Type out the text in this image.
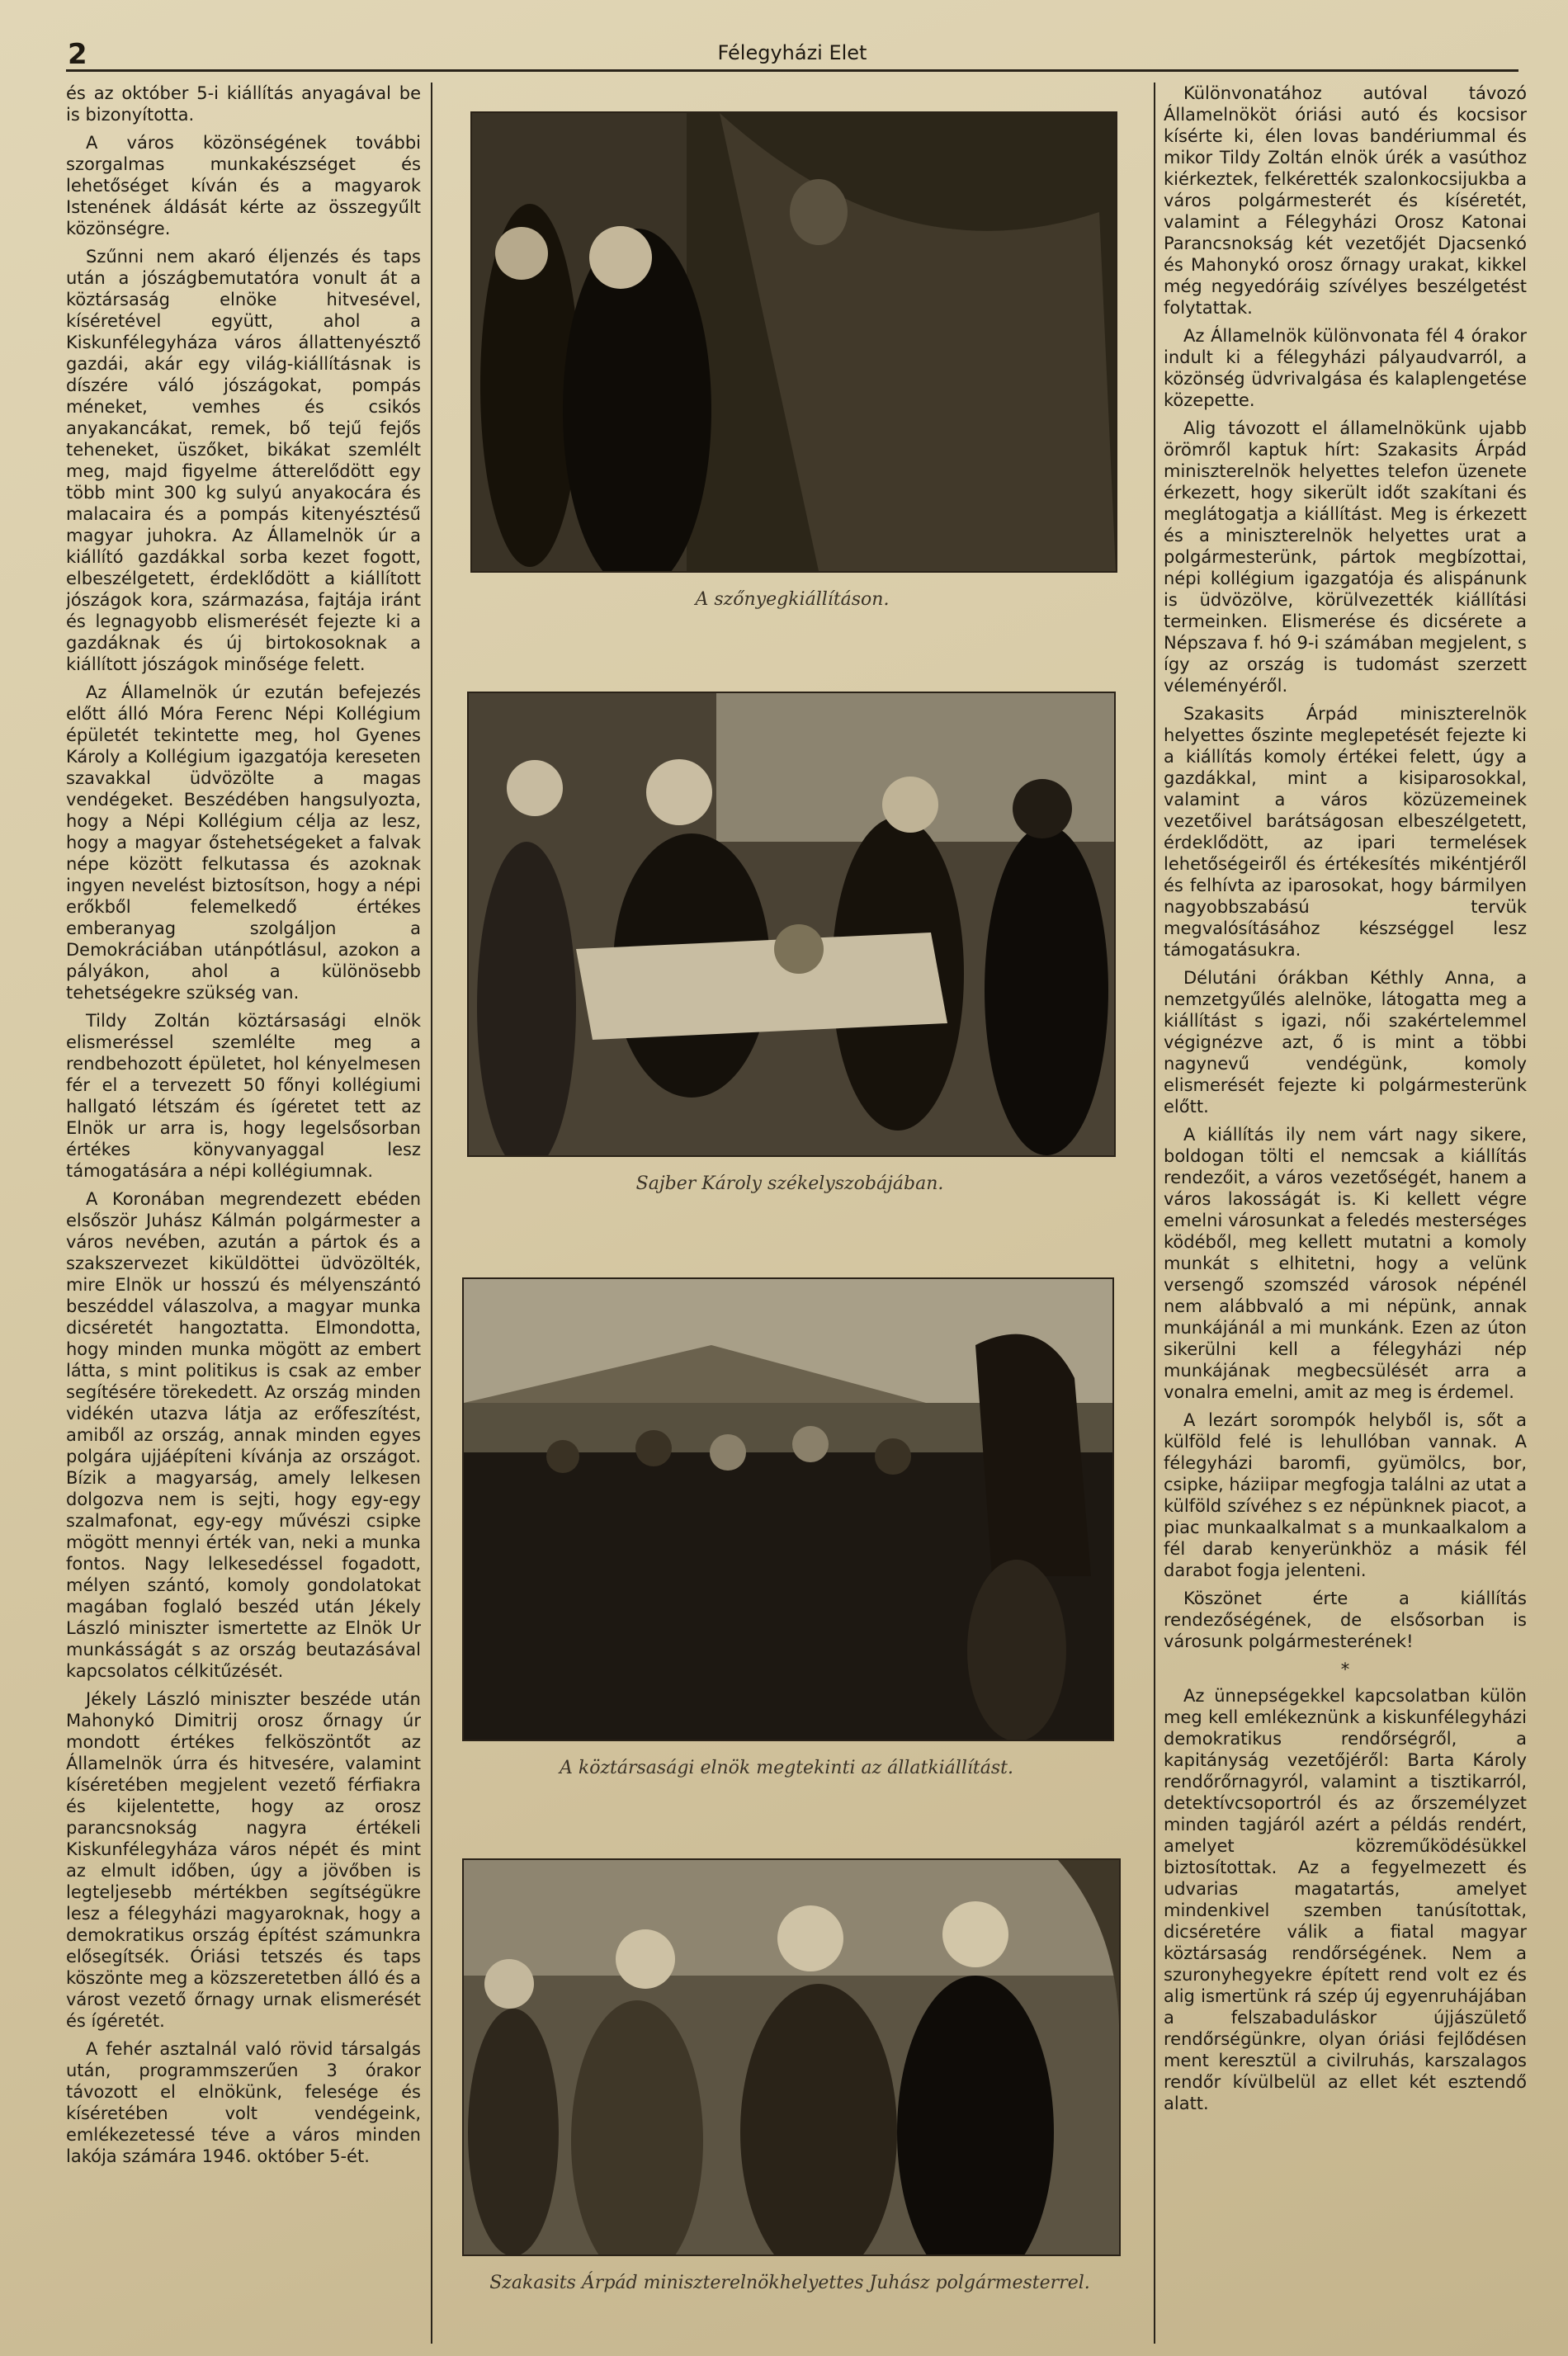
2	Félegyházi Elet

és az október 5-i kiállítás anyagával be is bizonyította.

A város közönségének további szorgalmas munkakészséget és lehetőséget kíván és a magyarok Istenének áldását kérte az összegyűlt közönségre.

Szűnni nem akaró éljenzés és taps után a jószágbemutatóra vonult át a köztársaság elnöke hitvesével, kíséretével együtt, ahol a Kiskunfélegyháza város állattenyésztő gazdái, akár egy világ-kiállításnak is díszére váló jószágokat, pompás méneket, vemhes és csikós anyakancákat, remek, bő tejű fejős teheneket, üszőket, bikákat szemlélt meg, majd figyelme átterelődött egy több mint 300 kg sulyú anyakocára és malacaira és a pompás kitenyésztésű magyar juhokra. Az Államelnök úr a kiállító gazdákkal sorba kezet fogott, elbeszélgetett, érdeklődött a kiállított jószágok kora, származása, fajtája iránt és legnagyobb elismerését fejezte ki a gazdáknak és új birtokosoknak a kiállított jószágok minősége felett.

Az Államelnök úr ezután befejezés előtt álló Móra Ferenc Népi Kollégium épületét tekintette meg, hol Gyenes Károly a Kollégium igazgatója kereseten szavakkal üdvözölte a magas vendégeket. Beszédében hangsulyozta, hogy a Népi Kollégium célja az lesz, hogy a magyar őstehetségeket a falvak népe között felkutassa és azoknak ingyen nevelést biztosítson, hogy a népi erőkből felemelkedő értékes emberanyag szolgáljon a Demokráciában utánpótlásul, azokon a pályákon, ahol a különösebb tehetségekre szükség van.

Tildy Zoltán köztársasági elnök elismeréssel szemlélte meg a rendbehozott épületet, hol kényelmesen fér el a tervezett 50 főnyi kollégiumi hallgató létszám és ígéretet tett az Elnök ur arra is, hogy legelsősorban értékes könyvanyaggal lesz támogatására a népi kollégiumnak.

A Koronában megrendezett ebéden elsőször Juhász Kálmán polgármester a város nevében, azután a pártok és a szakszervezet kiküldöttei üdvözölték, mire Elnök ur hosszú és mélyenszántó beszéddel válaszolva, a magyar munka dicséretét hangoztatta. Elmondotta, hogy minden munka mögött az embert látta, s mint politikus is csak az ember segítésére törekedett. Az ország minden vidékén utazva látja az erőfeszítést, amiből az ország, annak minden egyes polgára ujjáépíteni kívánja az országot. Bízik a magyarság, amely lelkesen dolgozva nem is sejti, hogy egy-egy szalmafonat, egy-egy művészi csipke mögött mennyi érték van, neki a munka fontos. Nagy lelkesedéssel fogadott, mélyen szántó, komoly gondolatokat magában foglaló beszéd után Jékely László miniszter ismertette az Elnök Ur munkásságát s az ország beutazásával kapcsolatos célkitűzését.

Jékely László miniszter beszéde után Mahonykó Dimitrij orosz őrnagy úr mondott értékes felköszöntőt az Államelnök úrra és hitvesére, valamint kíséretében megjelent vezető férfiakra és kijelentette, hogy az orosz parancsnokság nagyra értékeli Kiskunfélegyháza város népét és mint az elmult időben, úgy a jövőben is legteljesebb mértékben segítségükre lesz a félegyházi magyaroknak, hogy a demokratikus ország építést számunkra elősegítsék. Óriási tetszés és taps köszönte meg a közszeretetben álló és a várost vezető őrnagy urnak elismerését és ígéretét.

A fehér asztalnál való rövid társalgás után, programmszerűen 3 órakor távozott el elnökünk, felesége és kíséretében volt vendégeink, emlékezetessé téve a város minden lakója számára 1946. október 5-ét.

A szőnyegkiállításon.
Sajber Károly székelyszobájában.
A köztársasági elnök megtekinti az állatkiállítást.
Szakasits Árpád miniszterelnökhelyettes Juhász polgármesterrel.

Különvonatához autóval távozó Államelnököt óriási autó és kocsisor kísérte ki, élen lovas bandériummal és mikor Tildy Zoltán elnök úrék a vasúthoz kiérkeztek, felkérették szalonkocsijukba a város polgármesterét és kíséretét, valamint a Félegyházi Orosz Katonai Parancsnokság két vezetőjét Djacsenkó és Mahonykó orosz őrnagy urakat, kikkel még negyedóráig szívélyes beszélgetést folytattak.

Az Államelnök különvonata fél 4 órakor indult ki a félegyházi pályaudvarról, a közönség üdvrivalgása és kalaplengetése közepette.

Alig távozott el államelnökünk ujabb örömről kaptuk hírt: Szakasits Árpád miniszterelnök helyettes telefon üzenete érkezett, hogy sikerült időt szakítani és meglátogatja a kiállítást. Meg is érkezett és a miniszterelnök helyettes urat a polgármesterünk, pártok megbízottai, népi kollégium igazgatója és alispánunk is üdvözölve, körülvezették kiállítási termeinken. Elismerése és dicsérete a Népszava f. hó 9-i számában megjelent, s így az ország is tudomást szerzett véleményéről.

Szakasits Árpád miniszterelnök helyettes őszinte meglepetését fejezte ki a kiállítás komoly értékei felett, úgy a gazdákkal, mint a kisiparosokkal, valamint a város közüzemeinek vezetőivel barátságosan elbeszélgetett, érdeklődött, az ipari termelések lehetőségeiről és értékesítés mikéntjéről és felhívta az iparosokat, hogy bármilyen nagyobbszabású tervük megvalósításához készséggel lesz támogatásukra.

Délutáni órákban Kéthly Anna, a nemzetgyűlés alelnöke, látogatta meg a kiállítást s igazi, női szakértelemmel végignézve azt, ő is mint a többi nagynevű vendégünk, komoly elismerését fejezte ki polgármesterünk előtt.

A kiállítás ily nem várt nagy sikere, boldogan tölti el nemcsak a kiállítás rendezőit, a város vezetőségét, hanem a város lakosságát is. Ki kellett végre emelni városunkat a feledés mesterséges ködéből, meg kellett mutatni a komoly munkát s elhitetni, hogy a velünk versengő szomszéd városok népénél nem alábbvaló a mi népünk, annak munkájánál a mi munkánk. Ezen az úton sikerülni kell a félegyházi nép munkájának megbecsülését arra a vonalra emelni, amit az meg is érdemel.

A lezárt sorompók helyből is, sőt a külföld felé is lehullóban vannak. A félegyházi baromfi, gyümölcs, bor, csipke, háziipar megfogja találni az utat a külföld szívéhez s ez népünknek piacot, a piac munkaalkalmat s a munkaalkalom a fél darab kenyerünkhöz a másik fél darabot fogja jelenteni.

Köszönet érte a kiállítás rendezőségének, de elsősorban is városunk polgármesterének!

*

Az ünnepségekkel kapcsolatban külön meg kell emlékeznünk a kiskunfélegyházi demokratikus rendőrségről, a kapitányság vezetőjéről: Barta Károly rendőrőrnagyról, valamint a tisztikarról, detektívcsoportról és az őrszemélyzet minden tagjáról azért a példás rendért, amelyet közreműködésükkel biztosítottak. Az a fegyelmezett és udvarias magatartás, amelyet mindenkivel szemben tanúsítottak, dicséretére válik a fiatal magyar köztársaság rendőrségének. Nem a szuronyhegyekre épített rend volt ez és alig ismertünk rá szép új egyenruhájában a felszabaduláskor újjászülető rendőrségünkre, olyan óriási fejlődésen ment keresztül a civilruhás, karszalagos rendőr kívülbelül az ellet két esztendő alatt.
